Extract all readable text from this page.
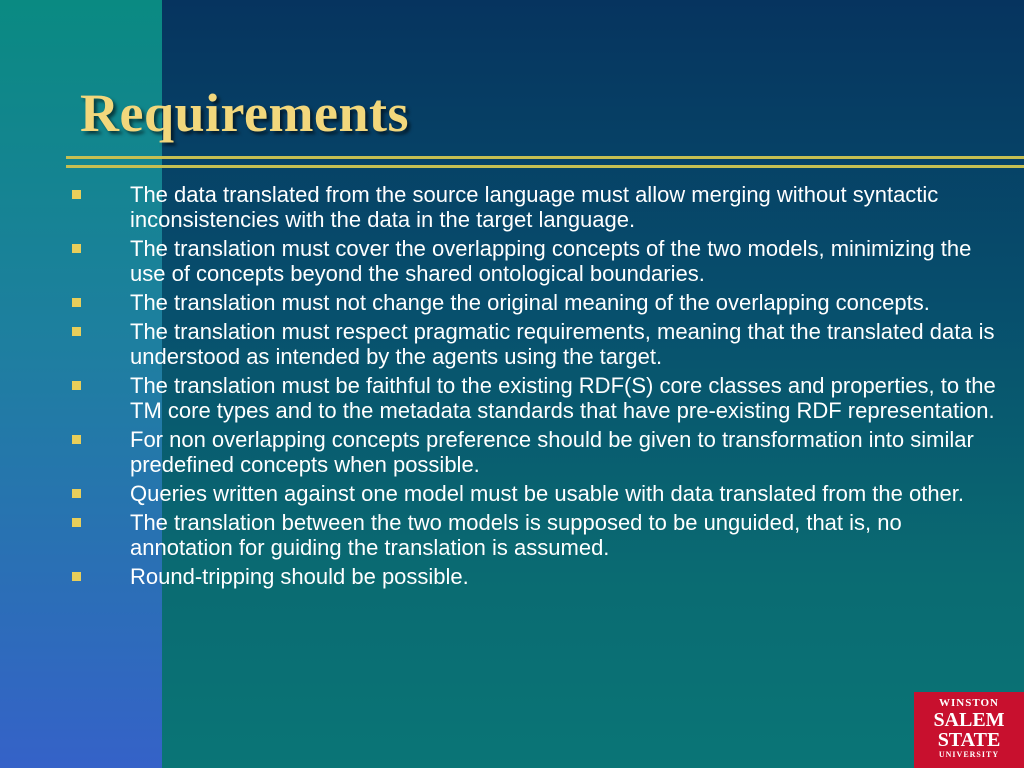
Requirements
The data translated from the source language must allow merging without syntactic inconsistencies with the data in the target language.
The translation must cover the overlapping concepts of the two models, minimizing the use of concepts beyond the shared ontological boundaries.
The translation must not change the original meaning of the overlapping concepts.
The translation must respect pragmatic requirements, meaning that the translated data is understood as intended by the agents using the target.
The translation must be faithful to the existing RDF(S) core classes and properties, to the TM core types and to the metadata standards that have pre-existing RDF representation.
For non overlapping concepts preference should be given to transformation into similar predefined concepts when possible.
Queries written against one model must be usable with data translated from the other.
The translation between the two models is supposed to be unguided, that is, no annotation for guiding the translation is assumed.
Round-tripping should be possible.
WINSTON
SALEM
STATE
UNIVERSITY
